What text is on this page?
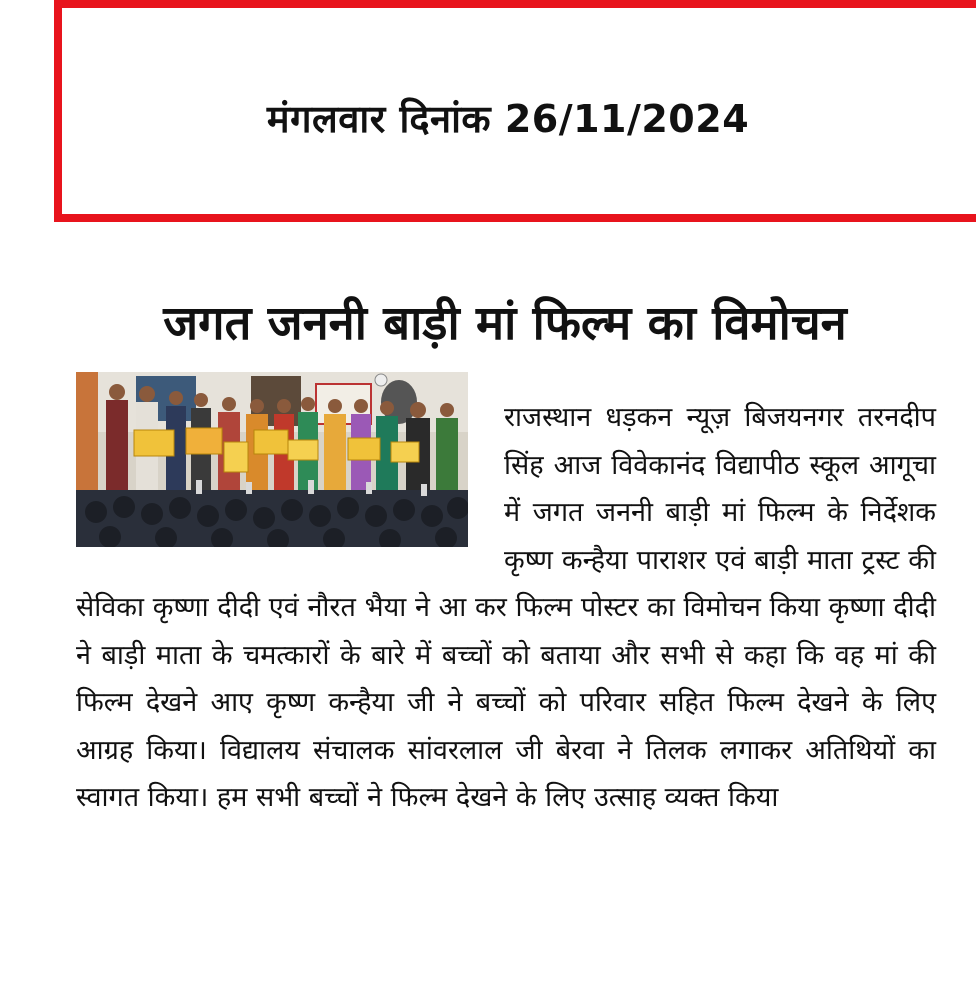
मंगलवार दिनांक 26/11/2024
जगत जननी बाड़ी मां फिल्म का विमोचन
राजस्थान धड़कन न्यूज़ बिजयनगर तरनदीप सिंह आज विवेकानंद विद्यापीठ स्कूल आगूचा में जगत जननी बाड़ी मां फिल्म के निर्देशक कृष्ण कन्हैया पाराशर एवं बाड़ी माता ट्रस्ट की सेविका कृष्णा दीदी एवं नौरत भैया ने आ कर फिल्म पोस्टर का विमोचन किया कृष्णा दीदी ने बाड़ी माता के चमत्कारों के बारे में बच्चों को बताया और सभी से कहा कि वह मां की फिल्म देखने आए कृष्ण कन्हैया जी ने बच्चों को परिवार सहित फिल्म देखने के लिए आग्रह किया। विद्यालय संचालक सांवरलाल जी बेरवा ने तिलक लगाकर अतिथियों का स्वागत किया। हम सभी बच्चों ने फिल्म देखने के लिए उत्साह व्यक्त किया
